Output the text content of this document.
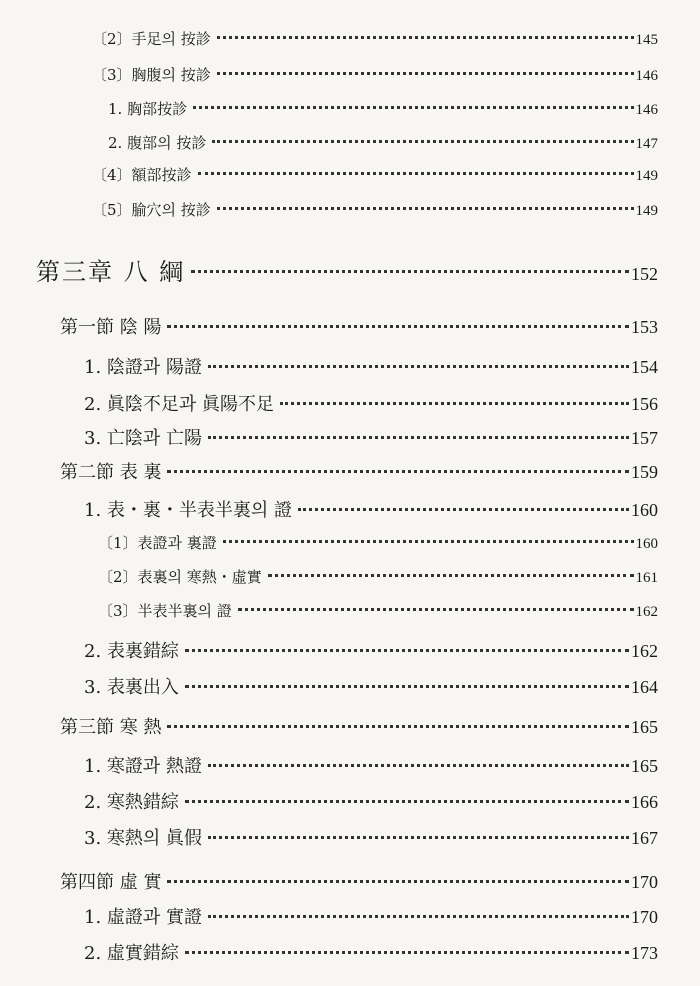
〔2〕手足의 按診	145
〔3〕胸腹의 按診	146
1. 胸部按診	146
2. 腹部의 按診	147
〔4〕額部按診	149
〔5〕腧穴의 按診	149
第三章 八 綱	152
第一節 陰 陽	153
1. 陰證과 陽證	154
2. 眞陰不足과 眞陽不足	156
3. 亡陰과 亡陽	157
第二節 表 裏	159
1. 表・裏・半表半裏의 證	160
〔1〕表證과 裏證	160
〔2〕表裏의 寒熱・虛實	161
〔3〕半表半裏의 證	162
2. 表裏錯綜	162
3. 表裏出入	164
第三節 寒 熱	165
1. 寒證과 熱證	165
2. 寒熱錯綜	166
3. 寒熱의 眞假	167
第四節 虛 實	170
1. 虛證과 實證	170
2. 虛實錯綜	173
